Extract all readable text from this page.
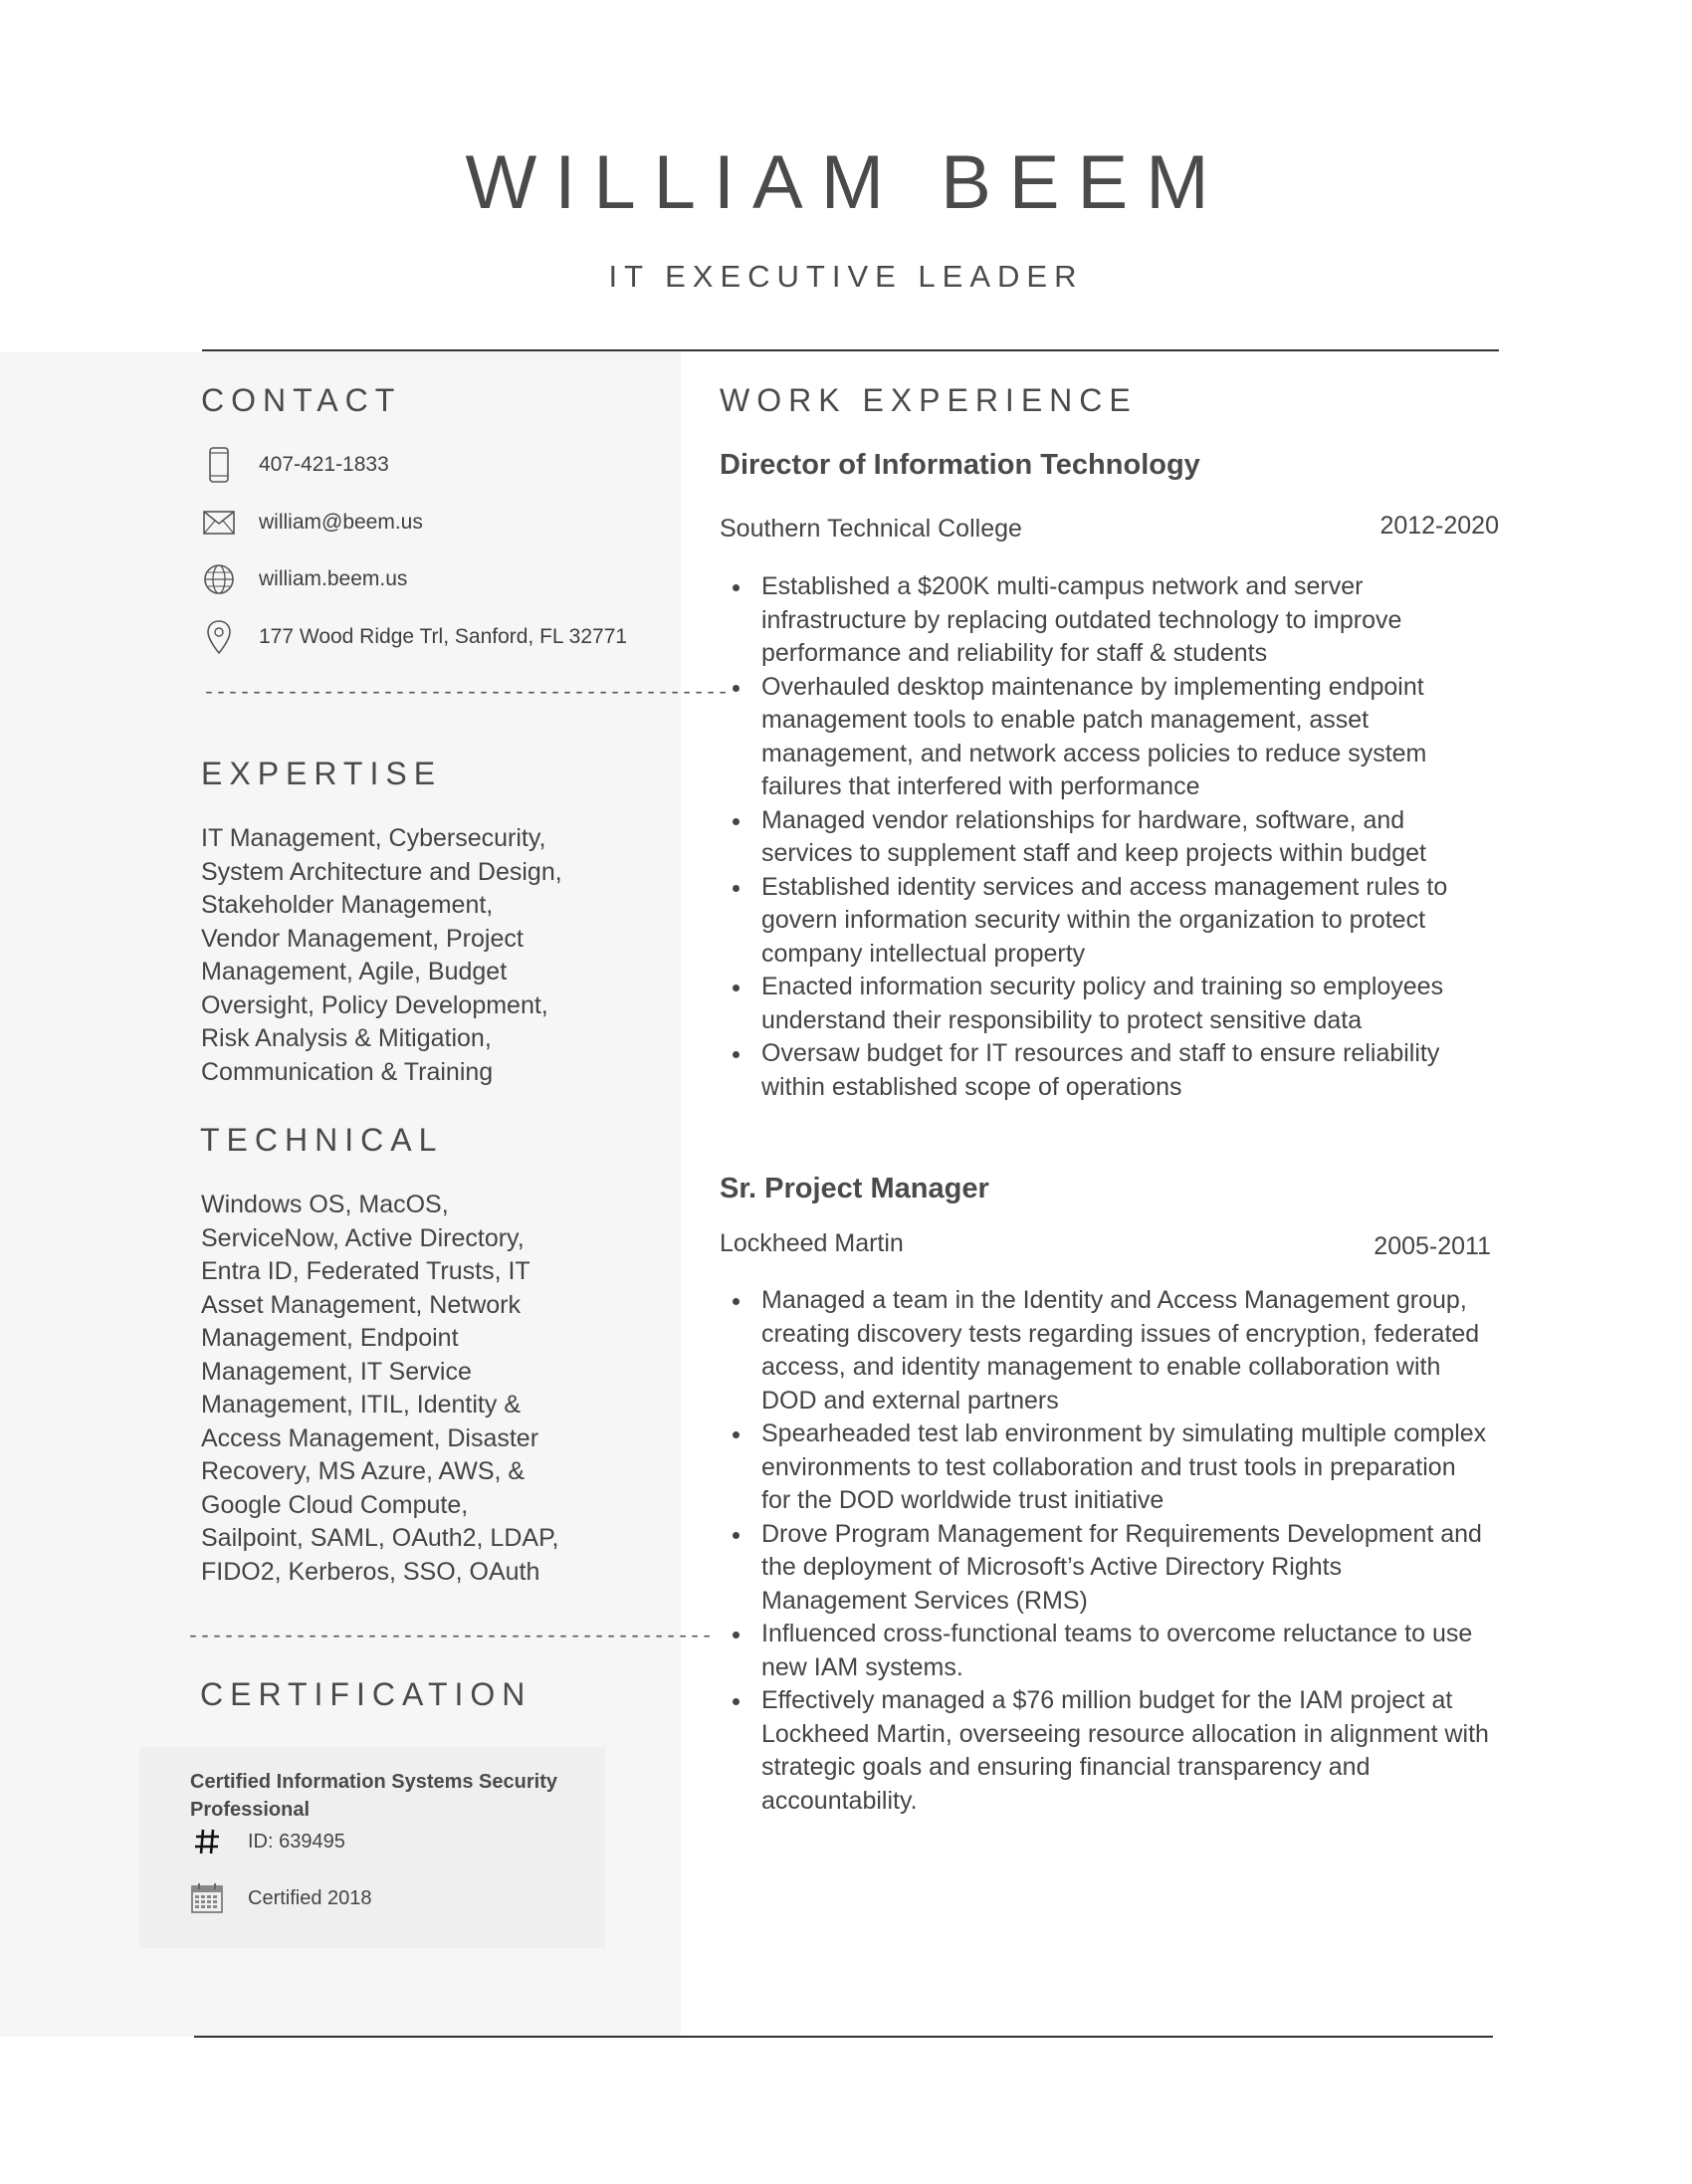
WILLIAM BEEM
IT EXECUTIVE LEADER
CONTACT
407-421-1833
william@beem.us
william.beem.us
177 Wood Ridge Trl, Sanford, FL 32771
--------------------------------------------
EXPERTISE
IT Management, Cybersecurity,
System Architecture and Design,
Stakeholder Management,
Vendor Management, Project
Management, Agile, Budget
Oversight, Policy Development,
Risk Analysis & Mitigation,
Communication & Training
TECHNICAL
Windows OS, MacOS,
ServiceNow, Active Directory,
Entra ID, Federated Trusts, IT
Asset Management, Network
Management, Endpoint
Management, IT Service
Management, ITIL, Identity &
Access Management, Disaster
Recovery, MS Azure, AWS, &
Google Cloud Compute,
Sailpoint, SAML, OAuth2, LDAP,
FIDO2, Kerberos, SSO, OAuth
--------------------------------------------
CERTIFICATION
Certified Information Systems Security
Professional
ID: 639495
Certified 2018
WORK EXPERIENCE
Director of Information Technology
Southern Technical College	2012-2020
Established a $200K multi-campus network and server
infrastructure by replacing outdated technology to improve
performance and reliability for staff & students
Overhauled desktop maintenance by implementing endpoint
management tools to enable patch management, asset
management, and network access policies to reduce system
failures that interfered with performance
Managed vendor relationships for hardware, software, and
services to supplement staff and keep projects within budget
Established identity services and access management rules to
govern information security within the organization to protect
company intellectual property
Enacted information security policy and training so employees
understand their responsibility to protect sensitive data
Oversaw budget for IT resources and staff to ensure reliability
within established scope of operations
Sr. Project Manager
Lockheed Martin	2005-2011
Managed a team in the Identity and Access Management group,
creating discovery tests regarding issues of encryption, federated
access, and identity management to enable collaboration with
DOD and external partners
Spearheaded test lab environment by simulating multiple complex
environments to test collaboration and trust tools in preparation
for the DOD worldwide trust initiative
Drove Program Management for Requirements Development and
the deployment of Microsoft’s Active Directory Rights
Management Services (RMS)
Influenced cross-functional teams to overcome reluctance to use
new IAM systems.
Effectively managed a $76 million budget for the IAM project at
Lockheed Martin, overseeing resource allocation in alignment with
strategic goals and ensuring financial transparency and
accountability.
